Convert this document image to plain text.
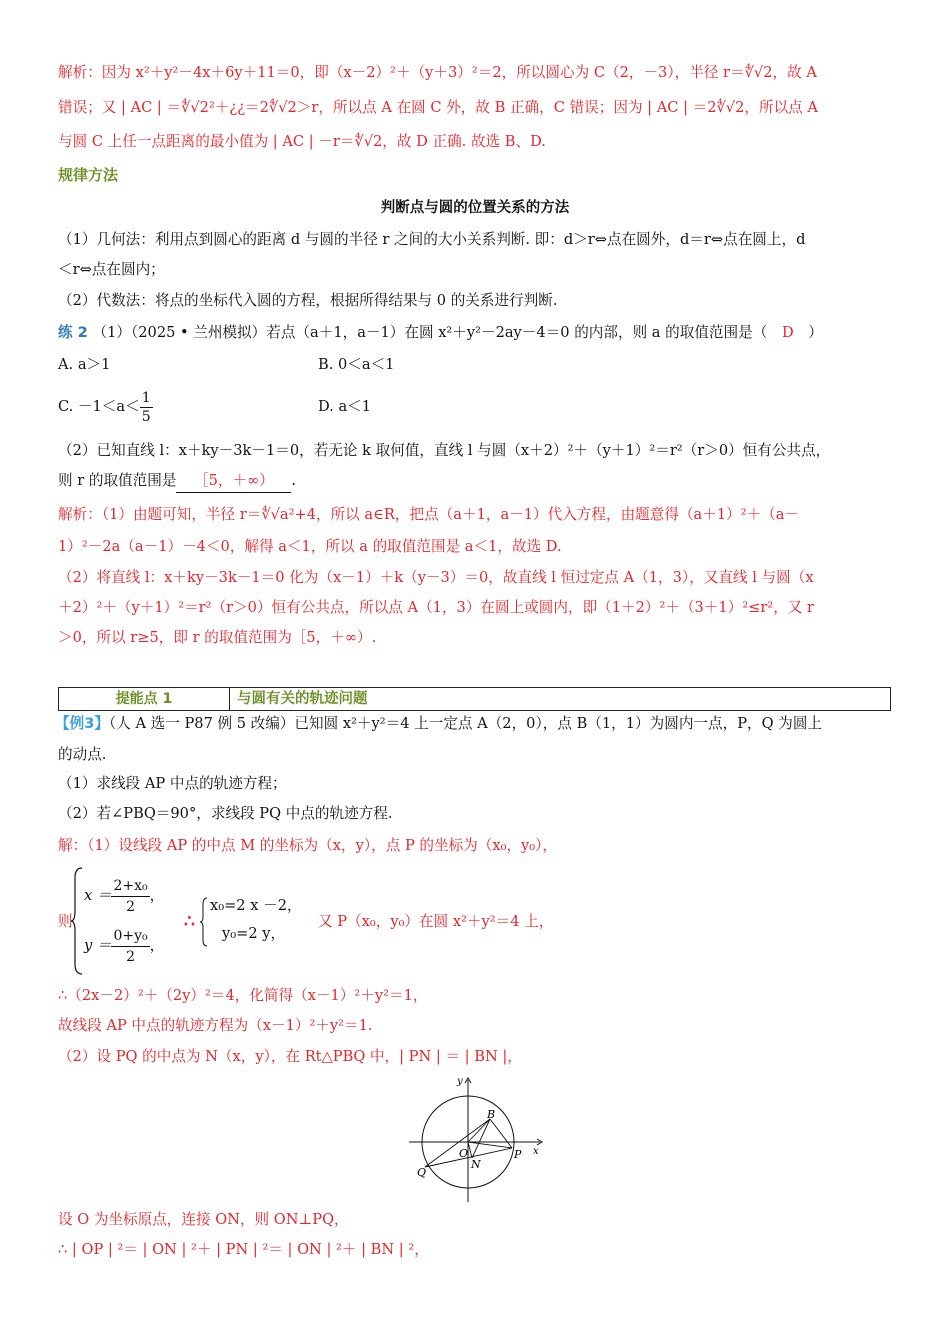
解析：因为 x²＋y²－4x＋6y＋11＝0，即（x－2）²＋（y＋3）²＝2，所以圆心为 C（2，－3），半径 r＝∜√2，故 A
错误；又 | AC | ＝∜√2²＋¿¿＝2∜√2＞r，所以点 A 在圆 C 外，故 B 正确，C 错误；因为 | AC | ＝2∜√2，所以点 A
与圆 C 上任一点距离的最小值为 | AC | －r＝∜√2，故 D 正确. 故选 B、D.
规律方法
判断点与圆的位置关系的方法
（1）几何法：利用点到圆心的距离 d 与圆的半径 r 之间的大小关系判断. 即：d＞r⇔点在圆外，d＝r⇔点在圆上，d
＜r⇔点在圆内；
（2）代数法：将点的坐标代入圆的方程，根据所得结果与 0 的关系进行判断.
练 2 （1）（2025 • 兰州模拟）若点（a＋1，a－1）在圆 x²＋y²－2ay－4＝0 的内部，则 a 的取值范围是（ D ）
A. a＞1	B. 0＜a＜1
C. $-1<a< \frac{1}{5}$	D. a＜1
（2）已知直线 l：x＋ky－3k－1＝0，若无论 k 取何值，直线 l 与圆（x＋2）²＋（y＋1）²＝r²（r＞0）恒有公共点，
则 r 的取值范围是 ［5，＋∞） .
解析：（1）由题可知，半径 r＝∜√a²+4，所以 a∈R，把点（a＋1，a－1）代入方程，由题意得（a＋1）²＋（a－
1）²－2a（a－1）－4＜0，解得 a＜1，所以 a 的取值范围是 a＜1，故选 D.
（2）将直线 l：x＋ky－3k－1＝0 化为（x－1）＋k（y－3）＝0，故直线 l 恒过定点 A（1，3），又直线 l 与圆（x
＋2）²＋（y＋1）²＝r²（r＞0）恒有公共点，所以点 A（1，3）在圆上或圆内，即（1＋2）²＋（3＋1）²≤r²，又 r
＞0，所以 r≥5，即 r 的取值范围为［5，＋∞）.
提能点 1	与圆有关的轨迹问题
【例3】（人 A 选一 P87 例 5 改编）已知圆 x²＋y²＝4 上一定点 A（2，0），点 B（1，1）为圆内一点，P，Q 为圆上
的动点.
（1）求线段 AP 中点的轨迹方程；
（2）若∠PBQ＝90°，求线段 PQ 中点的轨迹方程.
解：（1）设线段 AP 的中点 M 的坐标为（x，y），点 P 的坐标为（x₀，y₀），
则
$x = \frac{\text{2+x₀}}{2}$ ，
$y = \frac{\text{0+y₀}}{2}$ ，
∴
x₀=2 x －2，
y₀=2 y，
又 P（x₀，y₀）在圆 x²＋y²＝4 上，
∴（2x－2）²＋（2y）²＝4，化简得（x－1）²＋y²＝1，
故线段 AP 中点的轨迹方程为（x－1）²＋y²＝1.
（2）设 PQ 的中点为 N（x，y），在 Rt△PBQ 中，| PN | ＝ | BN |，
x
y
B
O
N
P
Q
设 O 为坐标原点，连接 ON，则 ON⊥PQ，
∴ | OP | ²＝ | ON | ²＋ | PN | ²＝ | ON | ²＋ | BN | ²，
